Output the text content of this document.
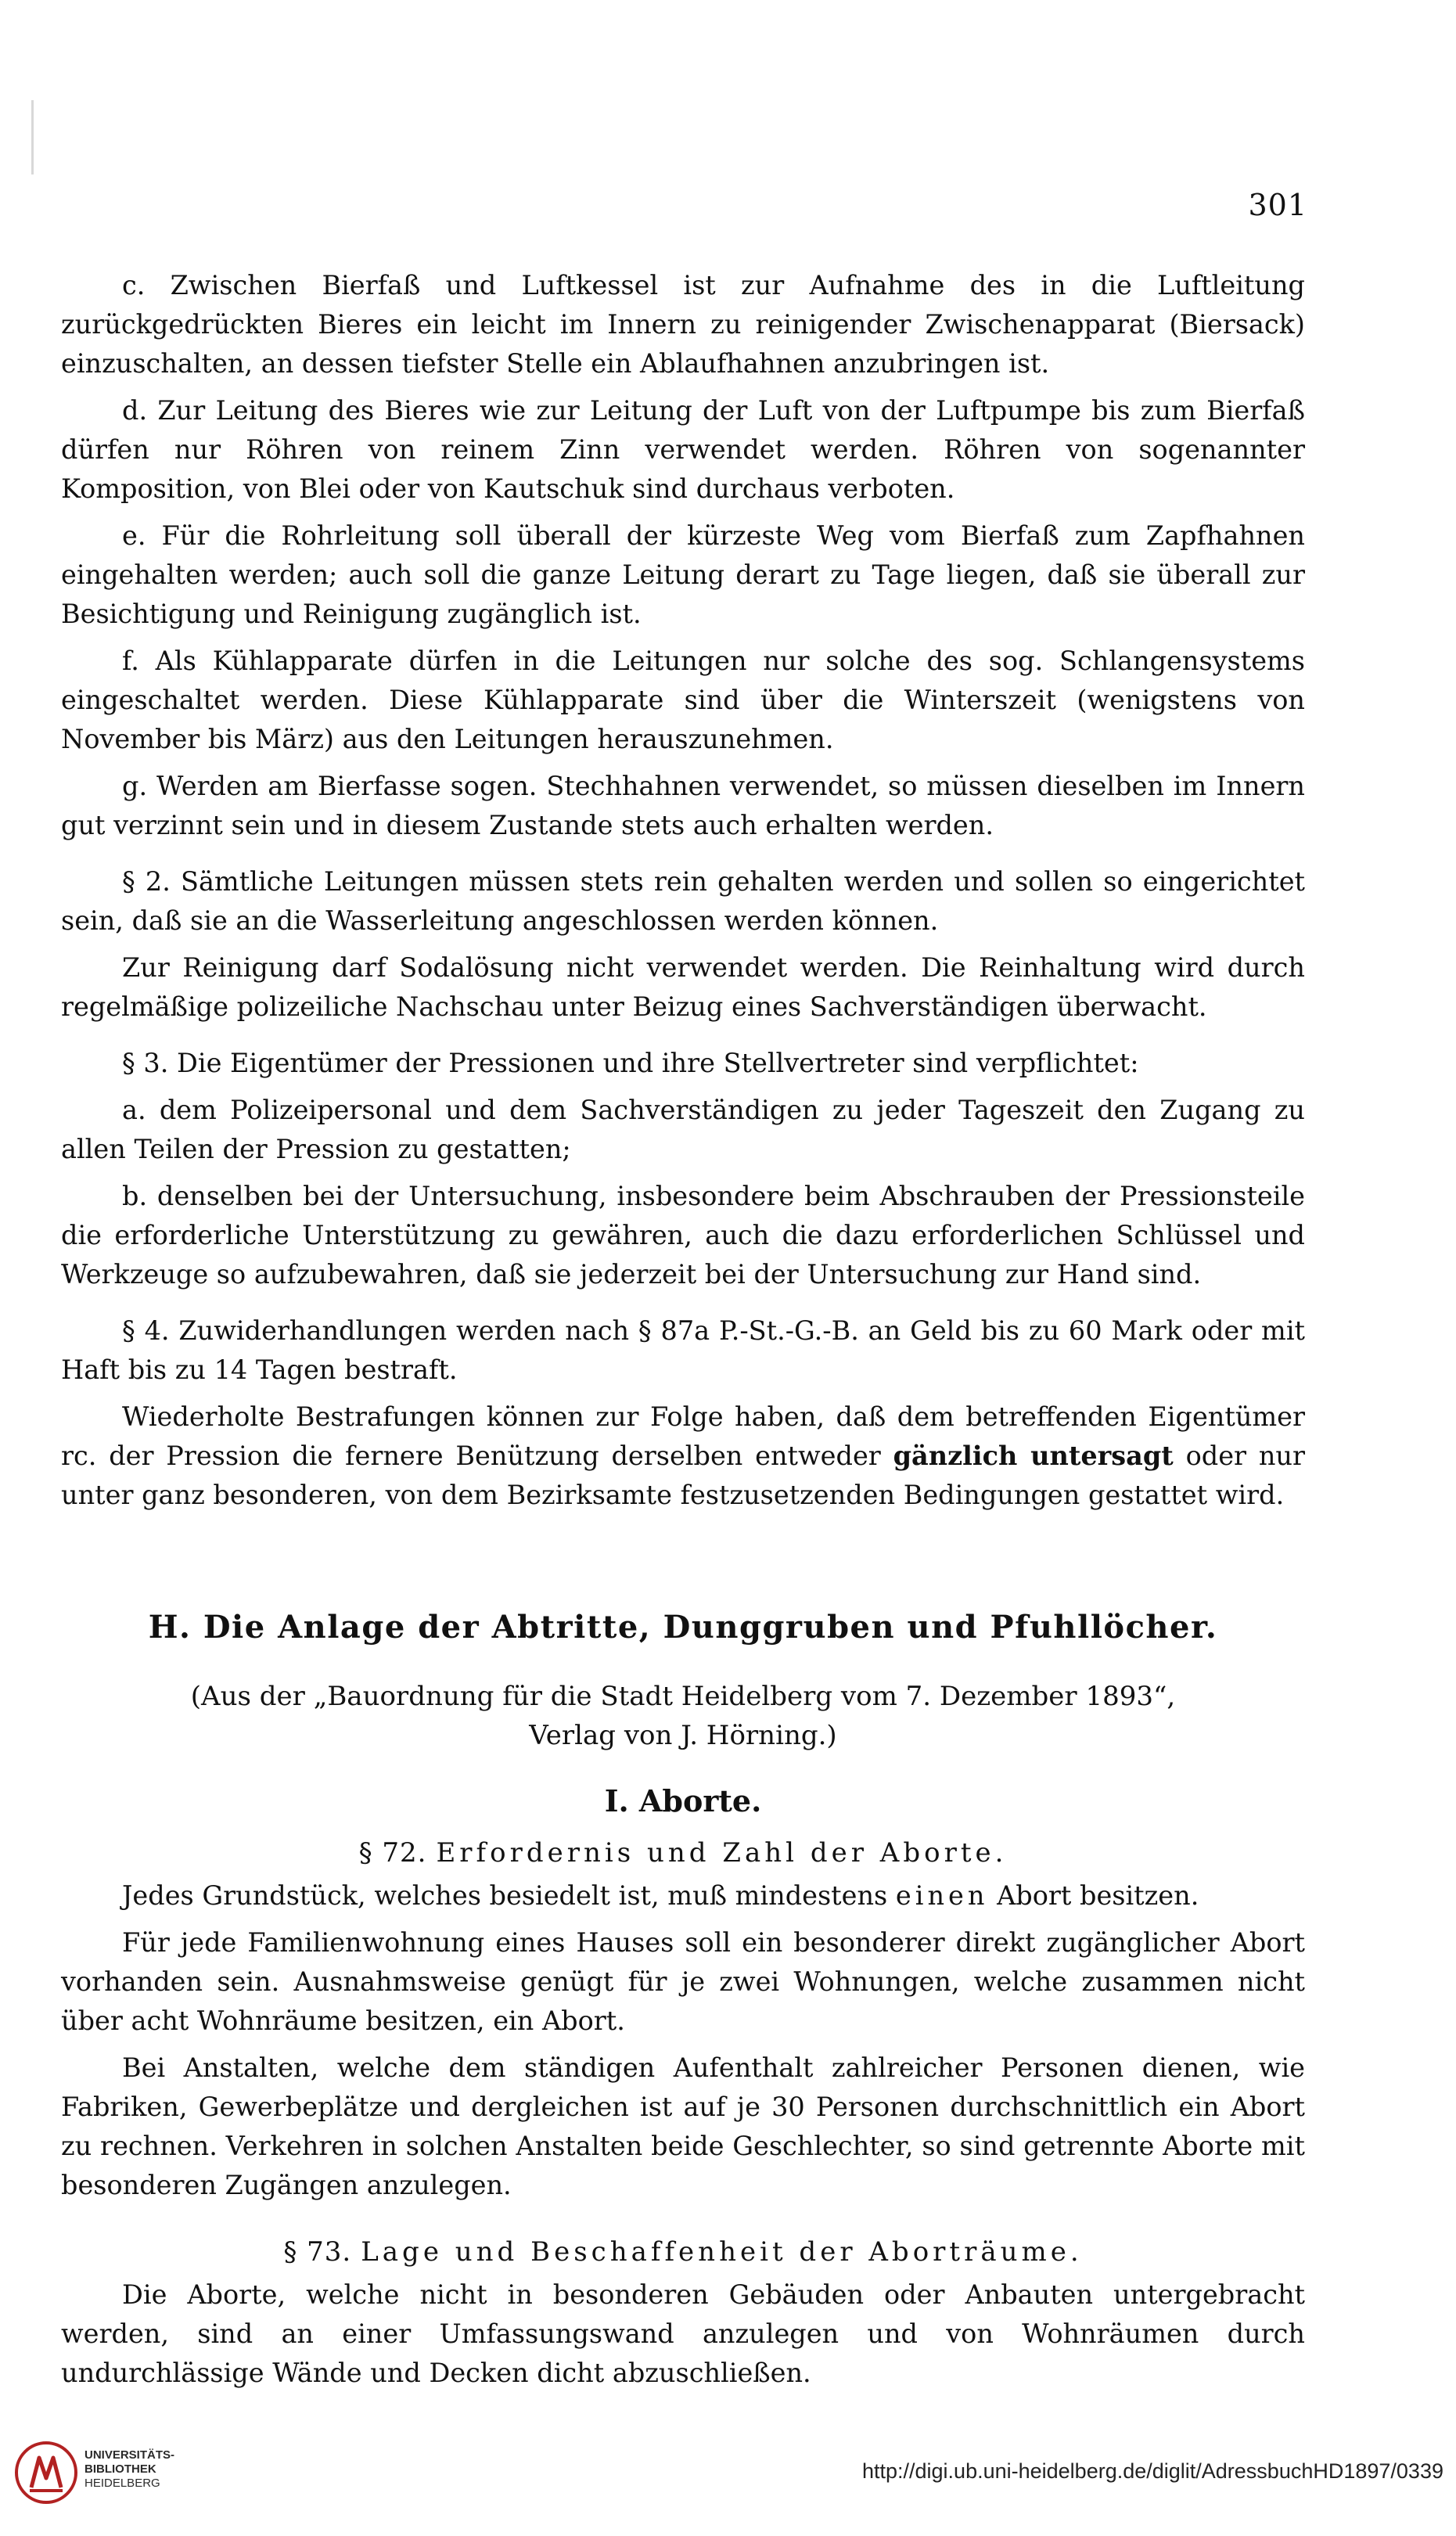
301

c. Zwischen Bierfaß und Luftkessel ist zur Aufnahme des in die Luftleitung zurückgedrückten Bieres ein leicht im Innern zu reinigender Zwischenapparat (Biersack) einzuschalten, an dessen tiefster Stelle ein Ablaufhahnen anzubringen ist.

d. Zur Leitung des Bieres wie zur Leitung der Luft von der Luftpumpe bis zum Bierfaß dürfen nur Röhren von reinem Zinn verwendet werden. Röhren von sogenannter Komposition, von Blei oder von Kautschuk sind durchaus verboten.

e. Für die Rohrleitung soll überall der kürzeste Weg vom Bierfaß zum Zapfhahnen eingehalten werden; auch soll die ganze Leitung derart zu Tage liegen, daß sie überall zur Besichtigung und Reinigung zugänglich ist.

f. Als Kühlapparate dürfen in die Leitungen nur solche des sog. Schlangensystems eingeschaltet werden. Diese Kühlapparate sind über die Winterszeit (wenigstens von November bis März) aus den Leitungen herauszunehmen.

g. Werden am Bierfasse sogen. Stechhahnen verwendet, so müssen dieselben im Innern gut verzinnt sein und in diesem Zustande stets auch erhalten werden.

§ 2. Sämtliche Leitungen müssen stets rein gehalten werden und sollen so eingerichtet sein, daß sie an die Wasserleitung angeschlossen werden können.

Zur Reinigung darf Sodalösung nicht verwendet werden. Die Reinhaltung wird durch regelmäßige polizeiliche Nachschau unter Beizug eines Sachverständigen überwacht.

§ 3. Die Eigentümer der Pressionen und ihre Stellvertreter sind verpflichtet:

a. dem Polizeipersonal und dem Sachverständigen zu jeder Tageszeit den Zugang zu allen Teilen der Pression zu gestatten;

b. denselben bei der Untersuchung, insbesondere beim Abschrauben der Pressionsteile die erforderliche Unterstützung zu gewähren, auch die dazu erforderlichen Schlüssel und Werkzeuge so aufzubewahren, daß sie jederzeit bei der Untersuchung zur Hand sind.

§ 4. Zuwiderhandlungen werden nach § 87a P.-St.-G.-B. an Geld bis zu 60 Mark oder mit Haft bis zu 14 Tagen bestraft.

Wiederholte Bestrafungen können zur Folge haben, daß dem betreffenden Eigentümer rc. der Pression die fernere Benützung derselben entweder gänzlich untersagt oder nur unter ganz besonderen, von dem Bezirksamte festzusetzenden Bedingungen gestattet wird.

H. Die Anlage der Abtritte, Dunggruben und Pfuhllöcher.
(Aus der „Bauordnung für die Stadt Heidelberg vom 7. Dezember 1893“,
Verlag von J. Hörning.)
I. Aborte.
§ 72. Erfordernis und Zahl der Aborte.

Jedes Grundstück, welches besiedelt ist, muß mindestens einen Abort besitzen.

Für jede Familienwohnung eines Hauses soll ein besonderer direkt zugänglicher Abort vorhanden sein. Ausnahmsweise genügt für je zwei Wohnungen, welche zusammen nicht über acht Wohnräume besitzen, ein Abort.

Bei Anstalten, welche dem ständigen Aufenthalt zahlreicher Personen dienen, wie Fabriken, Gewerbeplätze und dergleichen ist auf je 30 Personen durchschnittlich ein Abort zu rechnen. Verkehren in solchen Anstalten beide Geschlechter, so sind getrennte Aborte mit besonderen Zugängen anzulegen.

§ 73. Lage und Beschaffenheit der Aborträume.

Die Aborte, welche nicht in besonderen Gebäuden oder Anbauten untergebracht werden, sind an einer Umfassungswand anzulegen und von Wohnräumen durch undurchlässige Wände und Decken dicht abzuschließen.

UNIVERSITÄTS-
BIBLIOTHEK
HEIDELBERG
http://digi.ub.uni-heidelberg.de/diglit/AdressbuchHD1897/0339
